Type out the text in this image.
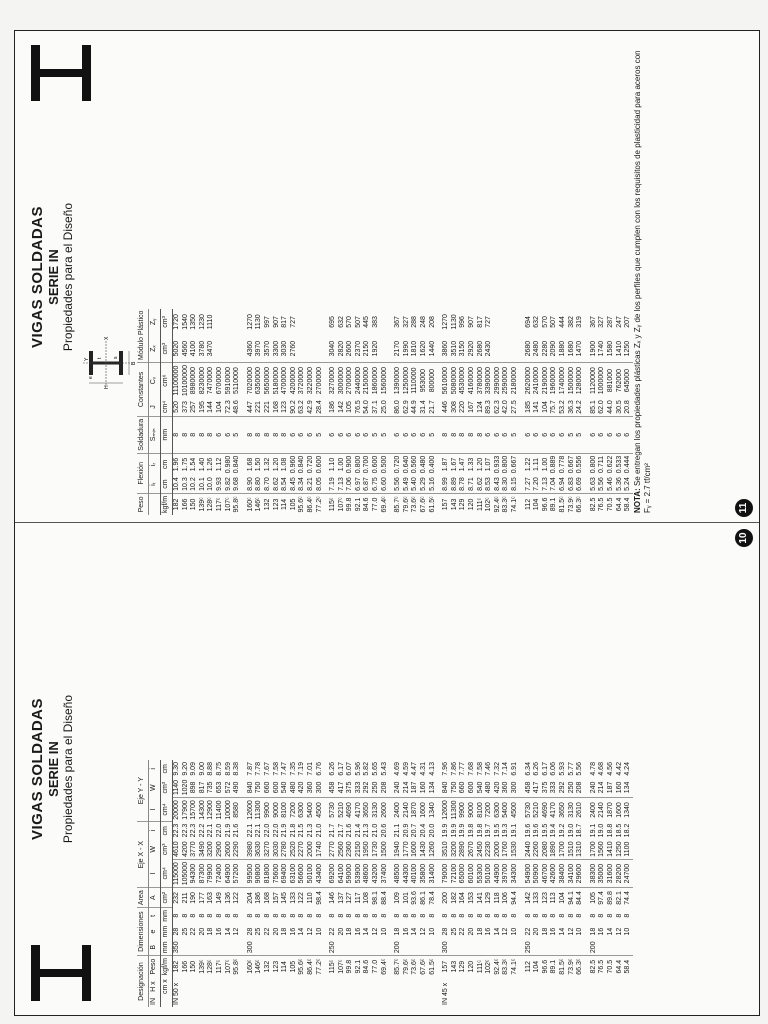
VIGAS SOLDADAS SERIE IN Propiedades para el Diseño
Designación			Dimensiones			Area	Eje X - X			Eje Y - Y		
IN	H x	Peso	B	e	t	A	I	W	i	I	W	i
	cm x	kgf/m	mm	mm	mm	cm²	cm⁴	cm³	cm	cm⁴	cm³	cm
IN 50 x		182	350	28	8	232	115000	4610	22.3	20000	1140	9.30
		166		25	8	211	105000	4200	22.3	17900	1020	9.20
		150		22	8	190	94300	3770	22.3	15700	898	9.09
		139ᶜ		20	8	177	87300	3490	22.2	14300	817	9.00
		128ᶜ		18	8	163	79900	3200	22.1	12900	735	8.88
		117ᶜ		16	8	149	72400	2900	22.0	11400	653	8.75
		107ᶜ		14	8	136	64900	2600	21.9	10000	572	8.59
		95.8ᶜ		12	8	122	57200	2290	21.6	8580	490	8.38
		160ᶜ	300	28	8	204	99500	3980	22.1	12600	840	7.87
		146ᶜ		25	8	186	90800	3630	22.1	11300	750	7.78
		132		22	8	168	81800	3270	22.0	9900	660	7.67
		123		20	8	157	75600	3030	22.0	9000	600	7.58
		114		18	8	145	69400	2780	21.9	8100	540	7.47
		105		16	8	133	63100	2520	21.8	7200	480	7.35
		95.6ᶜ		14	8	122	56600	2270	21.5	6300	420	7.19
		86.4ᶜ		12	8	110	50100	2000	21.3	5400	360	7.01
		77.2ᶜ		10	8	98.4	43400	1740	21.0	4500	300	6.76
		115ᶜ	250	22	8	146	69200	2770	21.7	5730	458	6.26
		107ᶜ		20	8	137	64100	2560	21.7	5210	417	6.17
		99.8		18	8	127	59000	2360	21.6	4690	375	6.07
		92.1		16	8	117	53900	2150	21.4	4170	333	5.96
		84.6		14	8	108	48600	1950	21.3	3650	292	5.82
		77.0		12	8	98.1	43200	1730	21.0	3130	250	5.65
		69.4ᶜ		10	8	88.4	37400	1500	20.6	2600	208	5.43
		85.7ᶜ	200	18	8	109	48500	1940	21.1	2400	240	4.69
		79.6ᶜ		16	8	101	44300	1770	20.9	2140	214	4.59
		73.6ᶜ		14	8	93.6	40100	1600	20.7	1870	187	4.47
		67.6ᶜ		12	8	86.1	35800	1430	20.4	1600	160	4.31
		61.5ᶜ		10	8	78.4	31400	1260	20.0	1340	134	4.13
IN 45 x		157	300	28	8	200	79000	3510	19.9	12600	840	7.96
		143		25	8	182	72100	3200	19.9	11300	750	7.86
		129		22	8	164	65000	2890	19.9	9900	660	7.77
		120		20	8	153	60100	2670	19.8	9000	600	7.68
		111ᶜ		18	8	141	55300	2450	19.8	8100	540	7.58
		102ᶜ		16	8	129	50100	2230	19.7	7200	480	7.46
		92.4ᶜ		14	8	118	44900	2000	19.5	6300	420	7.32
		83.3ᶜ		12	8	106	39700	1760	19.3	5400	360	7.14
		74.1ᶜ		10	8	94.4	34300	1530	19.1	4500	300	6.91
		112	250	22	8	142	54900	2440	19.6	5730	458	6.34
		104		20	8	133	50900	2260	19.6	5210	417	6.26
		96.6		18	8	123	46700	2080	19.5	4690	375	6.17
		89.1		16	8	113	42600	1890	19.4	4170	333	6.06
		81.5ᶜ		14	8	104	38400	1700	19.2	3650	292	5.93
		73.9ᶜ		12	8	94.1	34100	1510	19.0	3130	250	5.77
		66.3ᶜ		10	8	84.4	29600	1310	18.7	2610	208	5.56
		82.5	200	18	8	105	38300	1700	19.1	2400	240	4.78
		76.5		16	8	97.4	35000	1560	19.0	2140	214	4.68
		70.5		14	8	89.8	31600	1410	18.8	1870	187	4.56
		64.4		12	8	82.1	28200	1250	18.5	1600	160	4.42
		58.4		10	8	74.4	24700	1100	18.2	1340	134	4.24
10
VIGAS SOLDADAS SERIE IN Propiedades para el Diseño
Y
X
H
B
e
t s
Peso	Flexión		Soldadura	Constantes		Módulo Plástico	
	iₜ	iᵣ	Sₘᵢₙ	J	Cᵥ	Zₓ	Zᵧ
kgf/m	cm	cm	mm	cm⁴	cm⁶	cm³	cm³
182	10.4	1.96	8	520	11100000	5020	1720
166	10.3	1.75	8	373	10100000	4560	1540
150	10.2	1.54	8	257	8980000	4100	1350
139ᶜ	10.1	1.40	8	195	8230000	3780	1230
128ᶜ	10.0	1.26	8	144	7470000	3470	1110
117ᶜ	9.93	1.12	6	104	6700000		
107ᶜ	9.82	0.980	6	72.3	5910000		
95.8ᶜ	9.68	0.840	5	48.6	5110000		
160ᶜ	8.90	1.68	8	447	7020000	4360	1270
146ᶜ	8.80	1.50	8	221	6350000	3970	1130
132	8.70	1.32	8	221	5650000	3570	997
123	8.62	1.20	8	168	5180000	3300	907
114	8.54	1.08	8	123	4700000	3030	817
105	8.45	0.960	6	90.2	4200000	2760	727
95.6ᶜ	8.34	0.840	6	63.2	3720000		
86.4ᶜ	8.21	0.720	6	42.9	3220000		
77.2ᶜ	8.05	0.600	5	28.4	2700000		
115ᶜ	7.19	1.10	6	186	3270000	3040	695
107ᶜ	7.13	1.00	6	142	3000000	2820	632
99.8	7.06	0.900	6	105	2700000	2600	570
92.1	6.97	0.800	6	76.5	2440000	2370	507
84.6	6.87	0.700	6	54.0	2150000	2150	445
77.0	6.75	0.600	5	37.1	1860000	1920	383
69.4ᶜ	6.60	0.500	5	25.0	1560000		
85.7ᶜ	5.56	0.720	6	86.0	1390000	2170	367
79.6ᶜ	5.49	0.640	6	62.9	1250000	1990	327
73.6ᶜ	5.40	0.560	6	44.9	1110000	1810	288
67.6ᶜ	5.29	0.480	6	31.4	953000	1620	248
61.5ᶜ	5.16	0.400	5	21.7	800000	1440	208
157	8.99	1.87	8	446	5610000	3860	1270
143	8.89	1.67	8	308	5080000	3510	1130
129	8.78	1.47	8	220	4530000	3150	996
120	8.71	1.33	8	167	4160000	2920	907
111ᶜ	8.62	1.20	8	124	3780000	2680	817
102ᶜ	8.53	1.07	6	89.3	3390000	2430	727
92.4ᶜ	8.43	0.933	6	62.3	2990000		
83.3ᶜ	8.30	0.800	6	42.0	2590000		
74.1ᶜ	8.15	0.667	5	27.5	2180000		
112	7.27	1.22	6	185	2620000	2680	694
104	7.20	1.11	6	141	2410000	2480	632
96.6	7.13	1.00	6	104	2190000	2280	570
89.1	7.04	0.889	6	75.7	1960000	2090	507
81.5ᶜ	6.94	0.778	6	53.2	1740000	1880	444
73.9ᶜ	6.83	0.667	5	36.3	1500000	1680	382
66.3ᶜ	6.69	0.556	5	24.2	1280000	1470	319
82.5	5.63	0.800	6	85.1	1120000	1900	367
76.5	5.56	0.711	6	62.0	1000000	1740	327
70.5	5.46	0.622	6	44.0	881000	1580	287
64.4	5.36	0.533	6	30.5	762000	1410	247
58.4	5.24	0.444	6	20.8	645000	1250	207
NOTA: Se entregan los propiedades plásticas Zₓ y Zᵧ de los perfiles que cumplen con los requisitos de plasticidad para aceros con Fᵧ = 2.7 tf/cm²	11
